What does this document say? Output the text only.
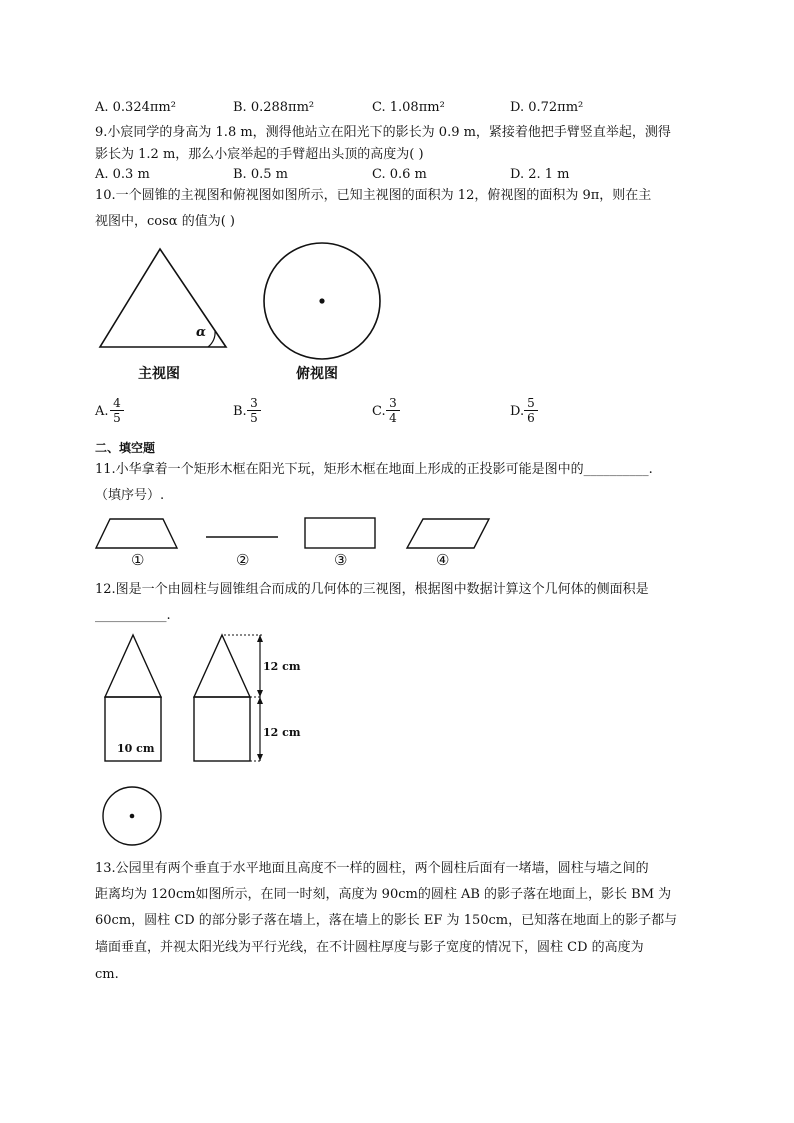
A. 0.324πm²	B. 0.288πm²	C. 1.08πm²	D. 0.72πm²
9.小宸同学的身高为 1.8 m，测得他站立在阳光下的影长为 0.9 m，紧接着他把手臂竖直举起，测得
影长为 1.2 m，那么小宸举起的手臂超出头顶的高度为( )
A. 0.3 m	B. 0.5 m	C. 0.6 m	D. 2. 1 m
10.一个圆锥的主视图和俯视图如图所示，已知主视图的面积为 12，俯视图的面积为 9π，则在主
视图中，cosα 的值为( )
α
主视图	俯视图
A. $\frac{4}{5}$	B. $\frac{3}{5}$	C. $\frac{3}{4}$	D. $\frac{5}{6}$
二、填空题
11.小华拿着一个矩形木框在阳光下玩，矩形木框在地面上形成的正投影可能是图中的__________.
（填序号）.
①	②	③	④
12.图是一个由圆柱与圆锥组合而成的几何体的三视图，根据图中数据计算这个几何体的侧面积是
___________.
12 cm
12 cm
10 cm
13.公园里有两个垂直于水平地面且高度不一样的圆柱，两个圆柱后面有一堵墙，圆柱与墙之间的
距离均为 120cm如图所示，在同一时刻，高度为 90cm的圆柱 AB 的影子落在地面上，影长 BM 为
60cm，圆柱 CD 的部分影子落在墙上，落在墙上的影长 EF 为 150cm，已知落在地面上的影子都与
墙面垂直，并视太阳光线为平行光线，在不计圆柱厚度与影子宽度的情况下，圆柱 CD 的高度为
cm.
